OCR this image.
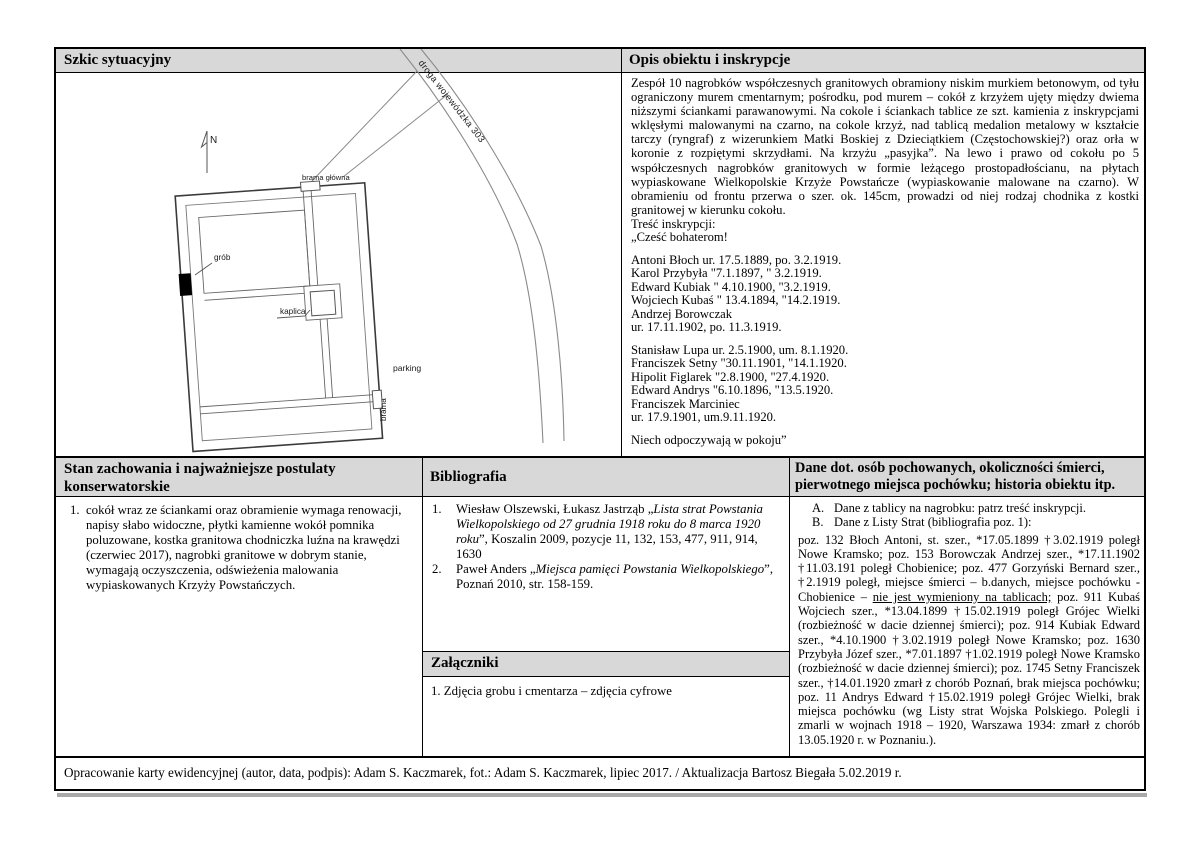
Szkic sytuacyjny	Opis obiektu i inskrypcje
droga wojewódzka 303
N
brama główna
grób
kaplica
parking
brama
Zespół 10 nagrobków współczesnych granitowych obramiony niskim murkiem betonowym, od tyłu ograniczony murem cmentarnym; pośrodku, pod murem – cokół z krzyżem ujęty między dwiema niższymi ściankami parawanowymi. Na cokole i ściankach tablice ze szt. kamienia z inskrypcjami wklęsłymi malowanymi na czarno, na cokole krzyż, nad tablicą medalion metalowy w kształcie tarczy (ryngraf) z wizerunkiem Matki Boskiej z Dzieciątkiem (Częstochowskiej?) oraz orła w koronie z rozpiętymi skrzydłami. Na krzyżu „pasyjka”. Na lewo i prawo od cokołu po 5 współczesnych nagrobków granitowych w formie leżącego prostopadłościanu, na płytach wypiaskowane Wielkopolskie Krzyże Powstańcze (wypiaskowanie malowane na czarno). W obramieniu od frontu przerwa o szer. ok. 145cm, prowadzi od niej rodzaj chodnika z kostki granitowej w kierunku cokołu.
Treść inskrypcji:
„Cześć bohaterom!
Antoni Błoch ur. 17.5.1889, po. 3.2.1919.
Karol Przybyła "7.1.1897, " 3.2.1919.
Edward Kubiak " 4.10.1900, "3.2.1919.
Wojciech Kubaś " 13.4.1894, "14.2.1919.
Andrzej Borowczak
ur. 17.11.1902, po. 11.3.1919.
Stanisław Lupa ur. 2.5.1900, um. 8.1.1920.
Franciszek Setny "30.11.1901, "14.1.1920.
Hipolit Figlarek "2.8.1900, "27.4.1920.
Edward Andrys "6.10.1896, "13.5.1920.
Franciszek Marciniec
ur. 17.9.1901, um.9.11.1920.
Niech odpoczywają w pokoju”
Stan zachowania i najważniejsze postulaty konserwatorskie
Bibliografia
Dane dot. osób pochowanych, okoliczności śmierci, pierwotnego miejsca pochówku; historia obiektu itp.
1. cokół wraz ze ściankami oraz obramienie wymaga renowacji, napisy słabo widoczne, płytki kamienne wokół pomnika poluzowane, kostka granitowa chodniczka luźna na krawędzi (czerwiec 2017), nagrobki granitowe w dobrym stanie, wymagają oczyszczenia, odświeżenia malowania wypiaskowanych Krzyży Powstańczych.
1.	Wiesław Olszewski, Łukasz Jastrząb „Lista strat Powstania Wielkopolskiego od 27 grudnia 1918 roku do 8 marca 1920 roku”, Koszalin 2009, pozycje 11, 132, 153, 477, 911, 914, 1630
2.	Paweł Anders „Miejsca pamięci Powstania Wielkopolskiego”, Poznań 2010, str. 158-159.
Załączniki
1. Zdjęcia grobu i cmentarza – zdjęcia cyfrowe
A. Dane z tablicy na nagrobku: patrz treść inskrypcji.
B. Dane z Listy Strat (bibliografia poz. 1):
poz. 132 Błoch Antoni, st. szer., *17.05.1899 †3.02.1919 poległ Nowe Kramsko; poz. 153 Borowczak Andrzej szer., *17.11.1902 †11.03.191 poległ Chobienice; poz. 477 Gorzyński Bernard szer., †2.1919 poległ, miejsce śmierci – b.danych, miejsce pochówku - Chobienice – nie jest wymieniony na tablicach; poz. 911 Kubaś Wojciech szer., *13.04.1899 †15.02.1919 poległ Grójec Wielki (rozbieżność w dacie dziennej śmierci); poz. 914 Kubiak Edward szer., *4.10.1900 †3.02.1919 poległ Nowe Kramsko; poz. 1630 Przybyła Józef szer., *7.01.1897 †1.02.1919 poległ Nowe Kramsko (rozbieżność w dacie dziennej śmierci); poz. 1745 Setny Franciszek szer., †14.01.1920 zmarł z chorób Poznań, brak miejsca pochówku; poz. 11 Andrys Edward †15.02.1919 poległ Grójec Wielki, brak miejsca pochówku (wg Listy strat Wojska Polskiego. Polegli i zmarli w wojnach 1918 – 1920, Warszawa 1934: zmarł z chorób 13.05.1920 r. w Poznaniu.).
Opracowanie karty ewidencyjnej (autor, data, podpis): Adam S. Kaczmarek, fot.: Adam S. Kaczmarek, lipiec 2017. / Aktualizacja Bartosz Biegała 5.02.2019 r.
